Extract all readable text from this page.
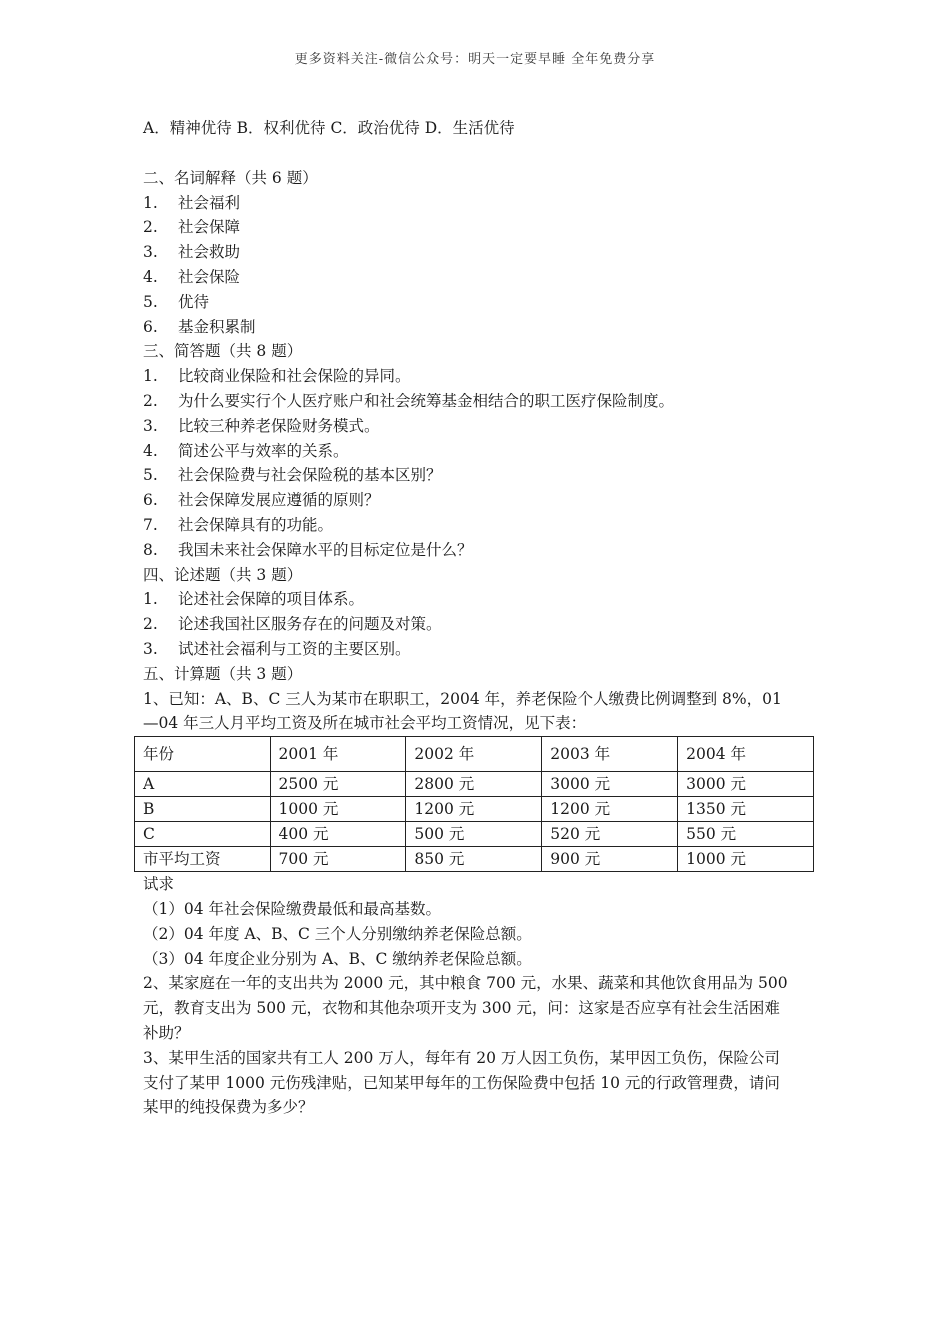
更多资料关注-微信公众号：明天一定要早睡 全年免费分享
A．精神优待 B．权利优待 C．政治优待 D．生活优待
二、名词解释（共 6 题）
1. 社会福利
2. 社会保障
3. 社会救助
4. 社会保险
5. 优待
6. 基金积累制
三、简答题（共 8 题）
1. 比较商业保险和社会保险的异同。
2. 为什么要实行个人医疗账户和社会统筹基金相结合的职工医疗保险制度。
3. 比较三种养老保险财务模式。
4. 简述公平与效率的关系。
5. 社会保险费与社会保险税的基本区别？
6. 社会保障发展应遵循的原则？
7. 社会保障具有的功能。
8. 我国未来社会保障水平的目标定位是什么？
四、论述题（共 3 题）
1. 论述社会保障的项目体系。
2. 论述我国社区服务存在的问题及对策。
3. 试述社会福利与工资的主要区别。
五、计算题（共 3 题）
1、已知：A、B、C 三人为某市在职职工，2004 年，养老保险个人缴费比例调整到 8%，01
—04 年三人月平均工资及所在城市社会平均工资情况，见下表：
年份	2001 年	2002 年	2003 年	2004 年
A	2500 元	2800 元	3000 元	3000 元
B	1000 元	1200 元	1200 元	1350 元
C	400 元	500 元	520 元	550 元
市平均工资	700 元	850 元	900 元	1000 元
试求
（1）04 年社会保险缴费最低和最高基数。
（2）04 年度 A、B、C 三个人分别缴纳养老保险总额。
（3）04 年度企业分别为 A、B、C 缴纳养老保险总额。
2、某家庭在一年的支出共为 2000 元，其中粮食 700 元，水果、蔬菜和其他饮食用品为 500
元，教育支出为 500 元，衣物和其他杂项开支为 300 元，问：这家是否应享有社会生活困难
补助？
3、某甲生活的国家共有工人 200 万人，每年有 20 万人因工负伤，某甲因工负伤，保险公司
支付了某甲 1000 元伤残津贴，已知某甲每年的工伤保险费中包括 10 元的行政管理费，请问
某甲的纯投保费为多少？
